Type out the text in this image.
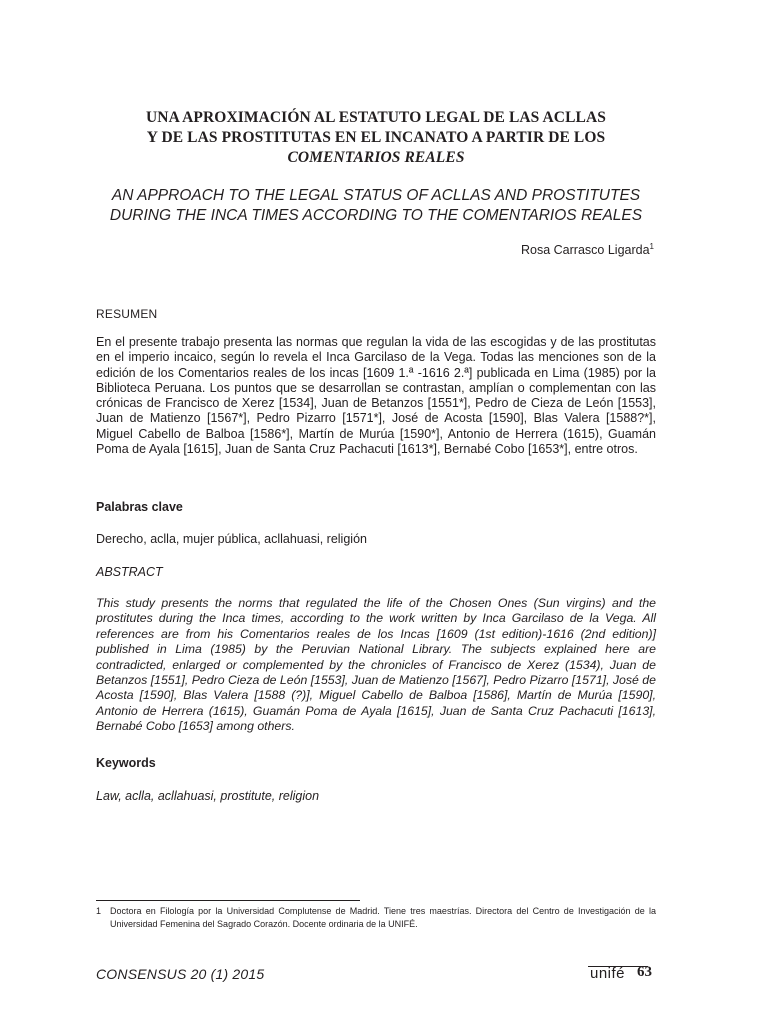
UNA APROXIMACIÓN AL ESTATUTO LEGAL DE LAS ACLLAS
Y DE LAS PROSTITUTAS EN EL INCANATO A PARTIR DE LOS
COMENTARIOS REALES
AN APPROACH TO THE LEGAL STATUS OF ACLLAS AND PROSTITUTES
DURING THE INCA TIMES ACCORDING TO THE COMENTARIOS REALES
Rosa Carrasco Ligarda$^1$
RESUMEN

En el presente trabajo presenta las normas que regulan la vida de las escogidas y de las prostitutas en el imperio incaico, según lo revela el Inca Garcilaso de la Vega. Todas las menciones son de la edición de los Comentarios reales de los incas [1609 1.ª -1616 2.ª] publicada en Lima (1985) por la Biblioteca Peruana. Los puntos que se desarrollan se contrastan, amplían o complementan con las crónicas de Francisco de Xerez [1534], Juan de Betanzos [1551*], Pedro de Cieza de León [1553], Juan de Matienzo [1567*], Pedro Pizarro [1571*], José de Acosta [1590], Blas Valera [1588?*], Miguel Cabello de Balboa [1586*], Martín de Murúa [1590*], Antonio de Herrera (1615), Guamán Poma de Ayala [1615], Juan de Santa Cruz Pachacuti [1613*], Bernabé Cobo [1653*], entre otros.

Palabras clave
Derecho, aclla, mujer pública, acllahuasi, religión
ABSTRACT

This study presents the norms that regulated the life of the Chosen Ones (Sun virgins) and the prostitutes during the Inca times, according to the work written by Inca Garcilaso de la Vega. All references are from his Comentarios reales de los Incas [1609 (1st edition)-1616 (2nd edition)] published in Lima (1985) by the Peruvian National Library. The subjects explained here are contradicted, enlarged or complemented by the chronicles of Francisco de Xerez (1534), Juan de Betanzos [1551], Pedro Cieza de León [1553], Juan de Matienzo [1567], Pedro Pizarro [1571], José de Acosta [1590], Blas Valera [1588 (?)], Miguel Cabello de Balboa [1586], Martín de Murúa [1590], Antonio de Herrera (1615), Guamán Poma de Ayala [1615], Juan de Santa Cruz Pachacuti [1613], Bernabé Cobo [1653] among others.

Keywords
Law, aclla, acllahuasi, prostitute, religion
1 Doctora en Filología por la Universidad Complutense de Madrid. Tiene tres maestrías. Directora del Centro de Investigación de la Universidad Femenina del Sagrado Corazón. Docente ordinaria de la UNIFÉ.
CONSENSUS 20 (1) 2015	unifé 63
